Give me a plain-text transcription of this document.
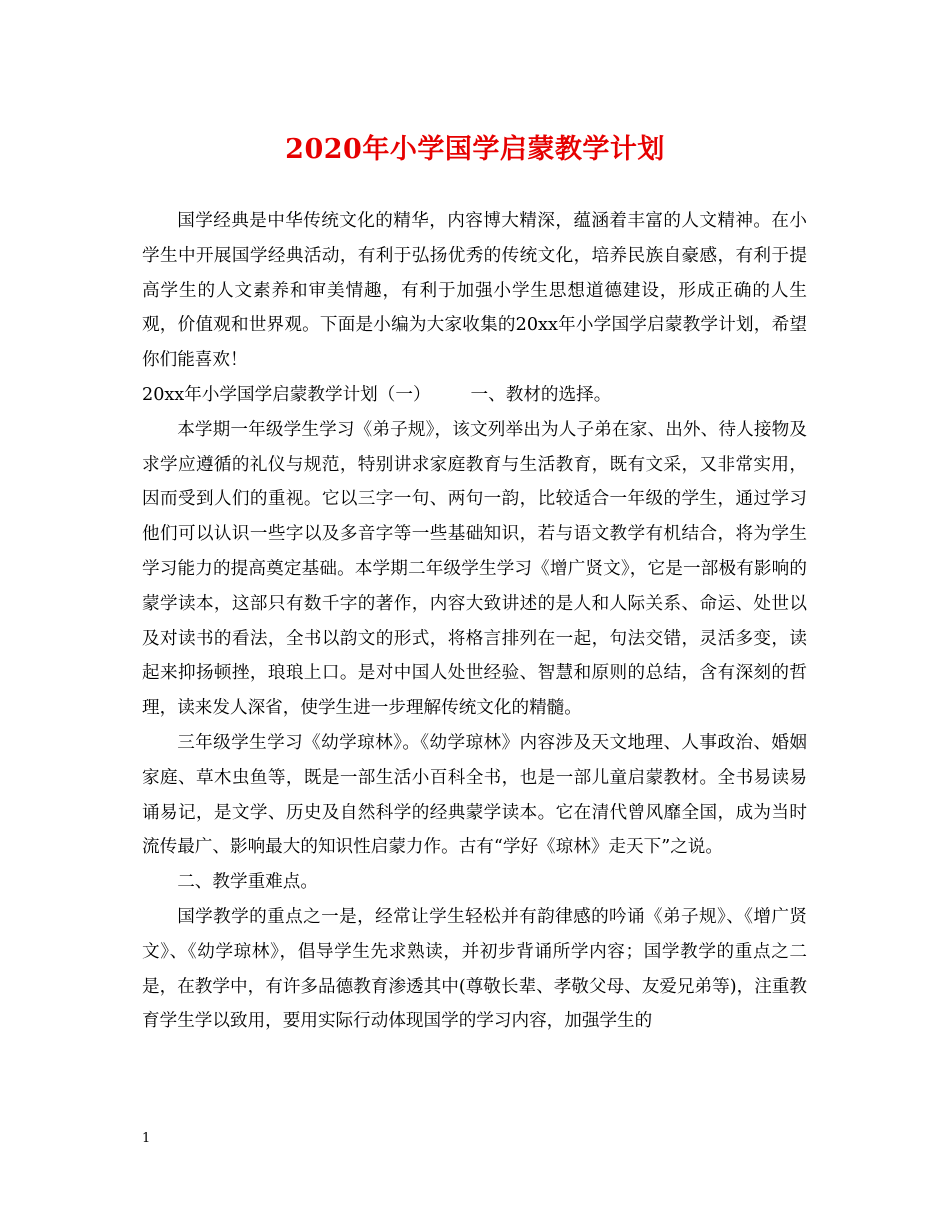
2020年小学国学启蒙教学计划

国学经典是中华传统文化的精华，内容博大精深，蕴涵着丰富的人文精神。在小学生中开展国学经典活动，有利于弘扬优秀的传统文化，培养民族自豪感，有利于提高学生的人文素养和审美情趣，有利于加强小学生思想道德建设，形成正确的人生观，价值观和世界观。下面是小编为大家收集的20xx年小学国学启蒙教学计划，希望你们能喜欢！

20xx年小学国学启蒙教学计划（一） 一、教材的选择。

本学期一年级学生学习《弟子规》，该文列举出为人子弟在家、出外、待人接物及求学应遵循的礼仪与规范，特别讲求家庭教育与生活教育，既有文采，又非常实用，因而受到人们的重视。它以三字一句、两句一韵，比较适合一年级的学生，通过学习他们可以认识一些字以及多音字等一些基础知识，若与语文教学有机结合，将为学生学习能力的提高奠定基础。本学期二年级学生学习《增广贤文》，它是一部极有影响的蒙学读本，这部只有数千字的著作，内容大致讲述的是人和人际关系、命运、处世以及对读书的看法，全书以韵文的形式，将格言排列在一起，句法交错，灵活多变，读起来抑扬顿挫，琅琅上口。是对中国人处世经验、智慧和原则的总结，含有深刻的哲理，读来发人深省，使学生进一步理解传统文化的精髓。

三年级学生学习《幼学琼林》。《幼学琼林》内容涉及天文地理、人事政治、婚姻家庭、草木虫鱼等，既是一部生活小百科全书，也是一部儿童启蒙教材。全书易读易诵易记，是文学、历史及自然科学的经典蒙学读本。它在清代曾风靡全国，成为当时流传最广、影响最大的知识性启蒙力作。古有“学好《琼林》走天下”之说。

二、教学重难点。

国学教学的重点之一是，经常让学生轻松并有韵律感的吟诵《弟子规》、《增广贤文》、《幼学琼林》，倡导学生先求熟读，并初步背诵所学内容；国学教学的重点之二是，在教学中，有许多品德教育渗透其中(尊敬长辈、孝敬父母、友爱兄弟等)，注重教育学生学以致用，要用实际行动体现国学的学习内容，加强学生的

1
